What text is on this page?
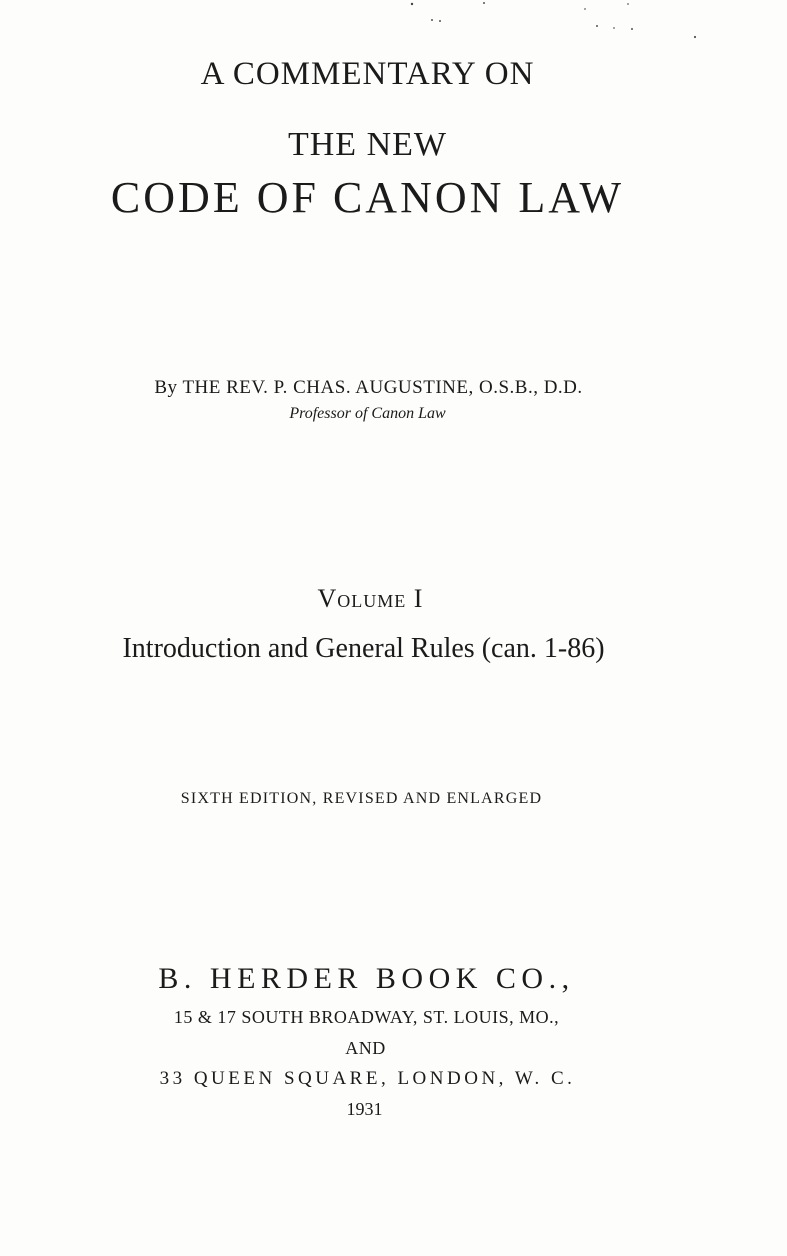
A COMMENTARY ON

THE NEW

CODE OF CANON LAW

By THE REV. P. CHAS. AUGUSTINE, O.S.B., D.D.

Professor of Canon Law

Volume I

Introduction and General Rules (can. 1-86)

SIXTH EDITION, REVISED AND ENLARGED

B. HERDER BOOK CO.,

15 & 17 SOUTH BROADWAY, ST. LOUIS, MO.,

AND

33 QUEEN SQUARE, LONDON, W. C.

1931
